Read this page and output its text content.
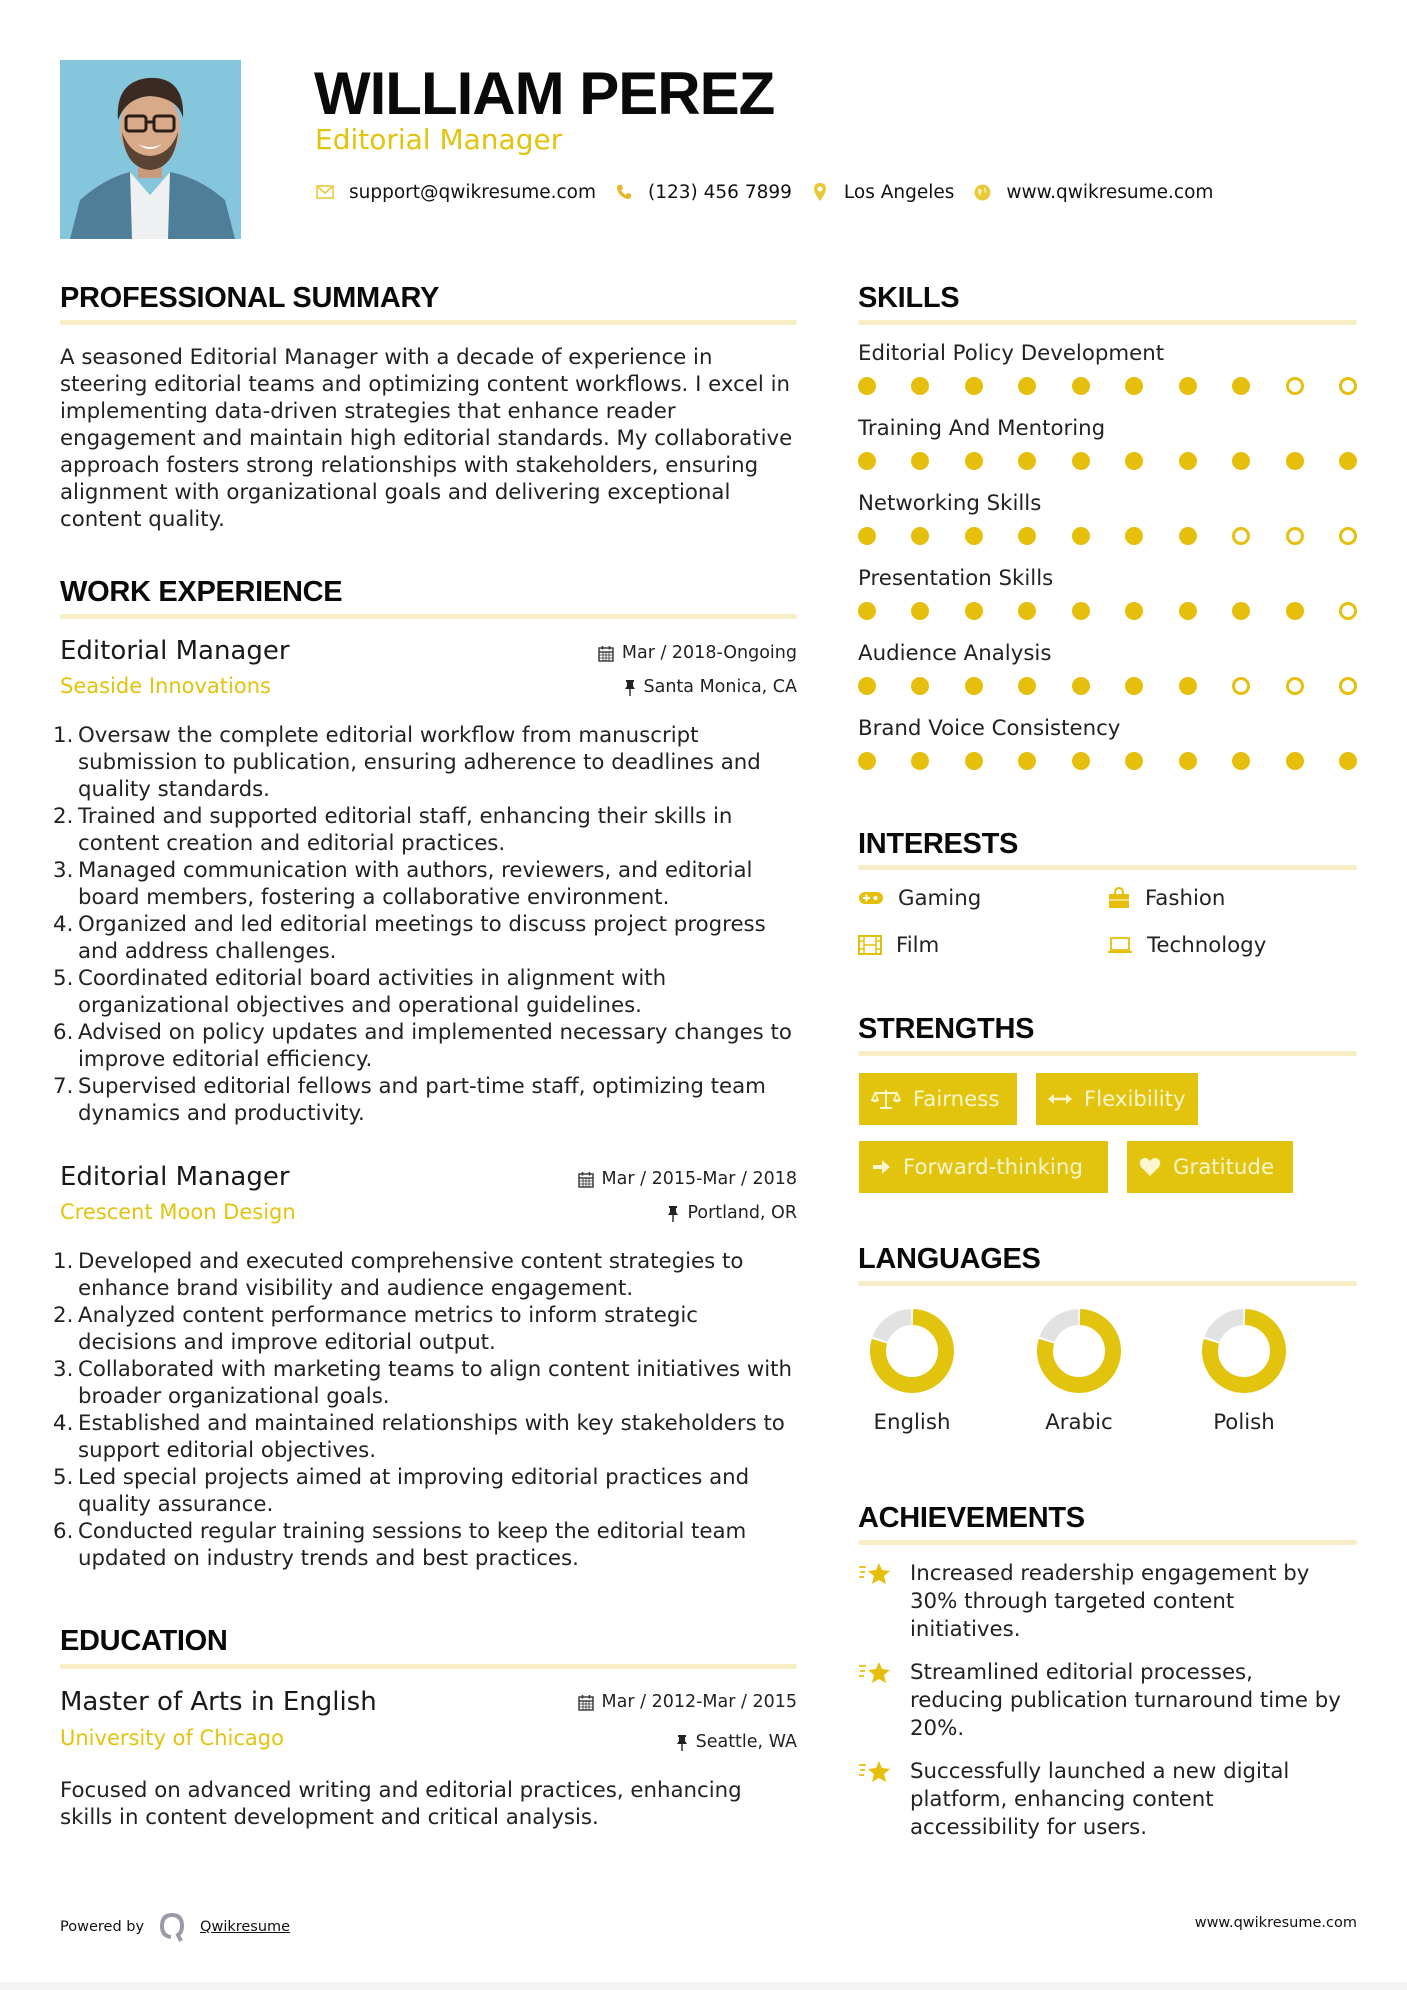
WILLIAM PEREZ
Editorial Manager
support@qwikresume.com	(123) 456 7899	Los Angeles	www.qwikresume.com
PROFESSIONAL SUMMARY
A seasoned Editorial Manager with a decade of experience in steering editorial teams and optimizing content workflows. I excel in implementing data-driven strategies that enhance reader engagement and maintain high editorial standards. My collaborative approach fosters strong relationships with stakeholders, ensuring alignment with organizational goals and delivering exceptional content quality.
WORK EXPERIENCE
Editorial Manager
Seaside Innovations
Mar / 2018-Ongoing
Santa Monica, CA
Oversaw the complete editorial workflow from manuscript submission to publication, ensuring adherence to deadlines and quality standards.
Trained and supported editorial staff, enhancing their skills in content creation and editorial practices.
Managed communication with authors, reviewers, and editorial board members, fostering a collaborative environment.
Organized and led editorial meetings to discuss project progress and address challenges.
Coordinated editorial board activities in alignment with organizational objectives and operational guidelines.
Advised on policy updates and implemented necessary changes to improve editorial efficiency.
Supervised editorial fellows and part-time staff, optimizing team dynamics and productivity.
Editorial Manager
Crescent Moon Design
Mar / 2015-Mar / 2018
Portland, OR
Developed and executed comprehensive content strategies to enhance brand visibility and audience engagement.
Analyzed content performance metrics to inform strategic decisions and improve editorial output.
Collaborated with marketing teams to align content initiatives with broader organizational goals.
Established and maintained relationships with key stakeholders to support editorial objectives.
Led special projects aimed at improving editorial practices and quality assurance.
Conducted regular training sessions to keep the editorial team updated on industry trends and best practices.
EDUCATION
Master of Arts in English
University of Chicago
Mar / 2012-Mar / 2015
Seattle, WA
Focused on advanced writing and editorial practices, enhancing skills in content development and critical analysis.
SKILLS
Editorial Policy Development
Training And Mentoring
Networking Skills
Presentation Skills
Audience Analysis
Brand Voice Consistency
INTERESTS
Gaming	Fashion
Film	Technology
STRENGTHS
Fairness	Flexibility
Forward-thinking	Gratitude
LANGUAGES
English	Arabic	Polish
ACHIEVEMENTS
Increased readership engagement by 30% through targeted content initiatives.
Streamlined editorial processes, reducing publication turnaround time by 20%.
Successfully launched a new digital platform, enhancing content accessibility for users.
Powered by	Qwikresume	www.qwikresume.com
